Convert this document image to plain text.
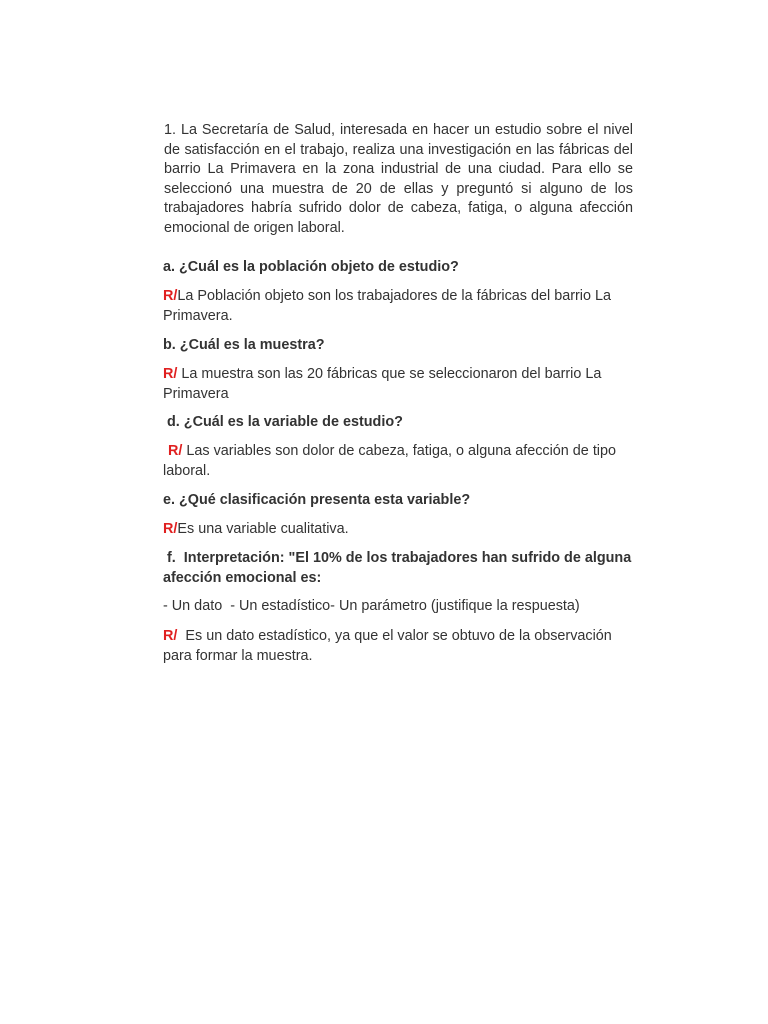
1. La Secretaría de Salud, interesada en hacer un estudio sobre el nivel de satisfacción en el trabajo, realiza una investigación en las fábricas del barrio La Primavera en la zona industrial de una ciudad. Para ello se seleccionó una muestra de 20 de ellas y preguntó si alguno de los trabajadores habría sufrido dolor de cabeza, fatiga, o alguna afección emocional de origen laboral.

a. ¿Cuál es la población objeto de estudio?

R/La Población objeto son los trabajadores de la fábricas del barrio La Primavera.

b. ¿Cuál es la muestra?

R/ La muestra son las 20 fábricas que se seleccionaron del barrio La Primavera

d. ¿Cuál es la variable de estudio?

R/ Las variables son dolor de cabeza, fatiga, o alguna afección de tipo laboral.

e. ¿Qué clasificación presenta esta variable?

R/Es una variable cualitativa.

f.  Interpretación: "El 10% de los trabajadores han sufrido de alguna afección emocional es:

- Un dato  - Un estadístico- Un parámetro (justifique la respuesta)

R/  Es un dato estadístico, ya que el valor se obtuvo de la observación para formar la muestra.
